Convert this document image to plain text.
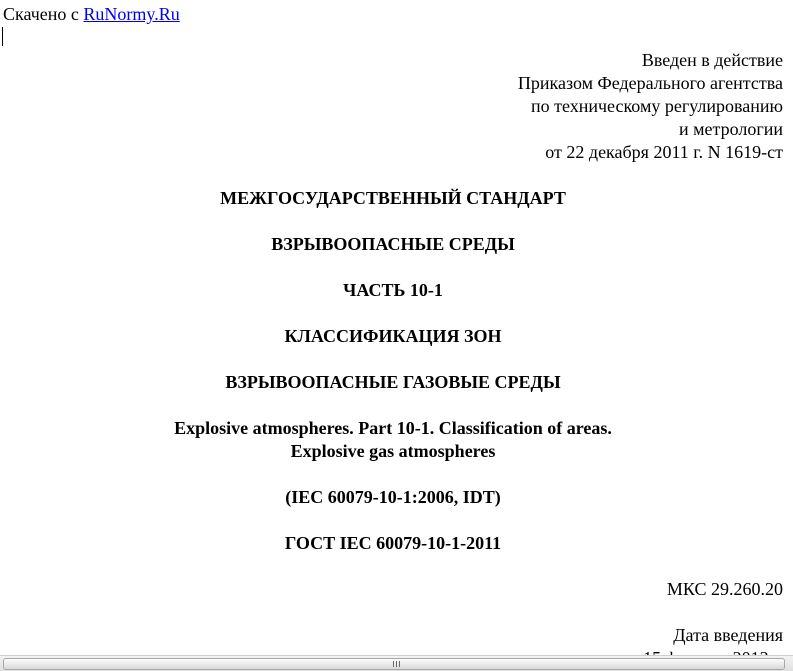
Скачено с RuNormy.Ru
Введен в действие
Приказом Федерального агентства
по техническому регулированию
и метрологии
от 22 декабря 2011 г. N 1619-ст
МЕЖГОСУДАРСТВЕННЫЙ СТАНДАРТ
ВЗРЫВООПАСНЫЕ СРЕДЫ
ЧАСТЬ 10-1
КЛАССИФИКАЦИЯ ЗОН
ВЗРЫВООПАСНЫЕ ГАЗОВЫЕ СРЕДЫ
Explosive atmospheres. Part 10-1. Classification of areas.
Explosive gas atmospheres
(IEC 60079-10-1:2006, IDT)
ГОСТ IEC 60079-10-1-2011
МКС 29.260.20
Дата введения
